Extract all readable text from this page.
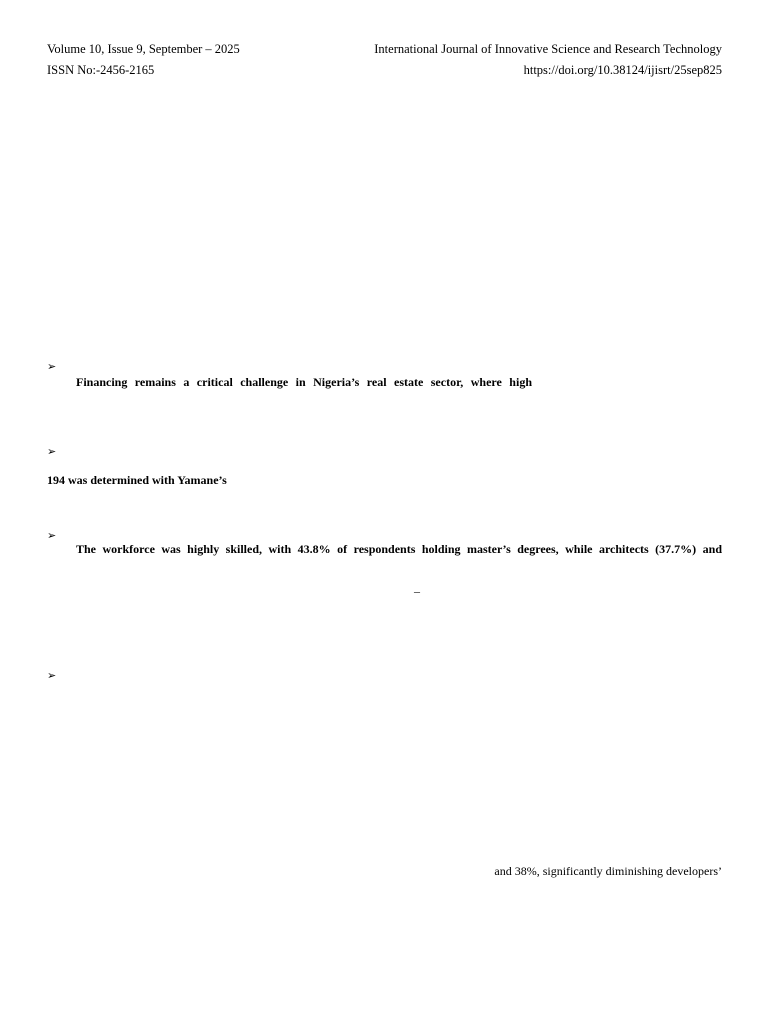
Volume 10, Issue 9, September – 2025	International Journal of Innovative Science and Research Technology
ISSN No:-2456-2165	https://doi.org/10.38124/ijisrt/25sep825
➢
Financing remains a critical challenge in Nigeria’s real estate sector, where high
➢
194 was determined with Yamane’s
➢
The workforce was highly skilled, with 43.8% of respondents holding master’s degrees, while architects (37.7%) and
–
➢
and 38%, significantly diminishing developers’
